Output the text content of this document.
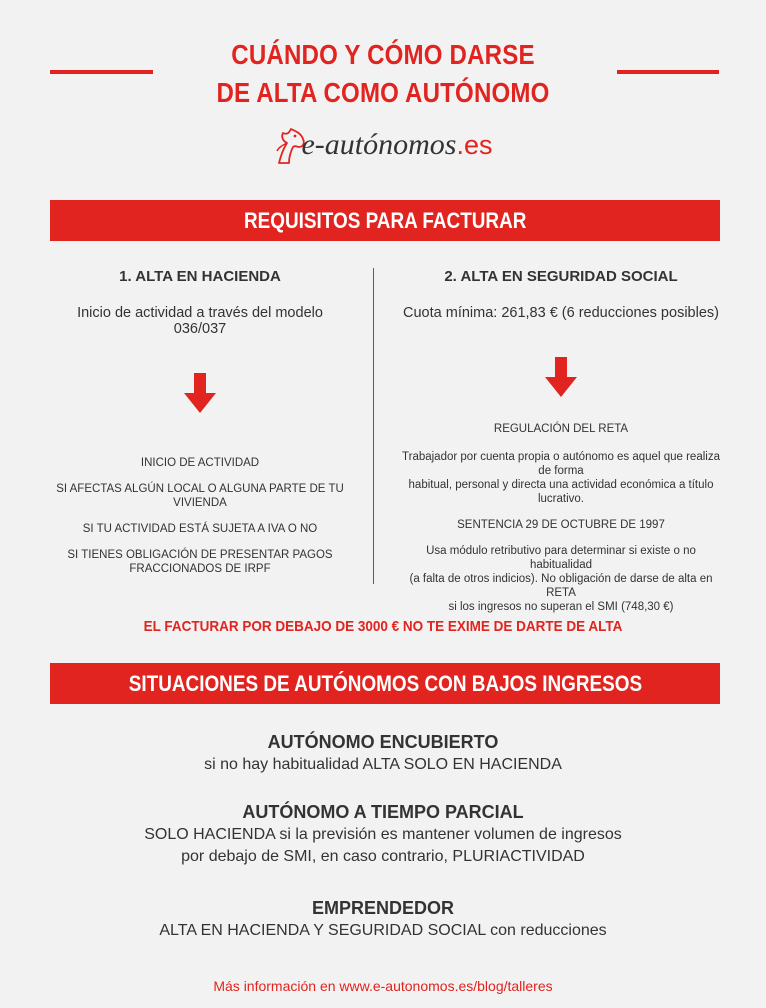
CUÁNDO Y CÓMO DARSE
DE ALTA COMO AUTÓNOMO
e-autónomos.es
REQUISITOS PARA FACTURAR
1. ALTA EN HACIENDA
Inicio de actividad a través del modelo 036/037

INICIO DE ACTIVIDAD

SI AFECTAS ALGÚN LOCAL O ALGUNA PARTE DE TU VIVIENDA

SI TU ACTIVIDAD ESTÁ SUJETA A IVA O NO

SI TIENES OBLIGACIÓN DE PRESENTAR PAGOS

FRACCIONADOS DE IRPF

2. ALTA EN SEGURIDAD SOCIAL
Cuota mínima: 261,83 € (6 reducciones posibles)

REGULACIÓN DEL RETA

Trabajador por cuenta propia o autónomo es aquel que realiza de forma

habitual, personal y directa una actividad económica a título lucrativo.

SENTENCIA 29 DE OCTUBRE DE 1997

Usa módulo retributivo para determinar si existe o no habitualidad

(a falta de otros indicios). No obligación de darse de alta en RETA

si los ingresos no superan el SMI (748,30 €)

EL FACTURAR POR DEBAJO DE 3000 € NO TE EXIME DE DARTE DE ALTA
SITUACIONES DE AUTÓNOMOS CON BAJOS INGRESOS
AUTÓNOMO ENCUBIERTO
si no hay habitualidad ALTA SOLO EN HACIENDA
AUTÓNOMO A TIEMPO PARCIAL
SOLO HACIENDA si la previsión es mantener volumen de ingresos
por debajo de SMI, en caso contrario, PLURIACTIVIDAD
EMPRENDEDOR
ALTA EN HACIENDA Y SEGURIDAD SOCIAL con reducciones
Más información en www.e-autonomos.es/blog/talleres
